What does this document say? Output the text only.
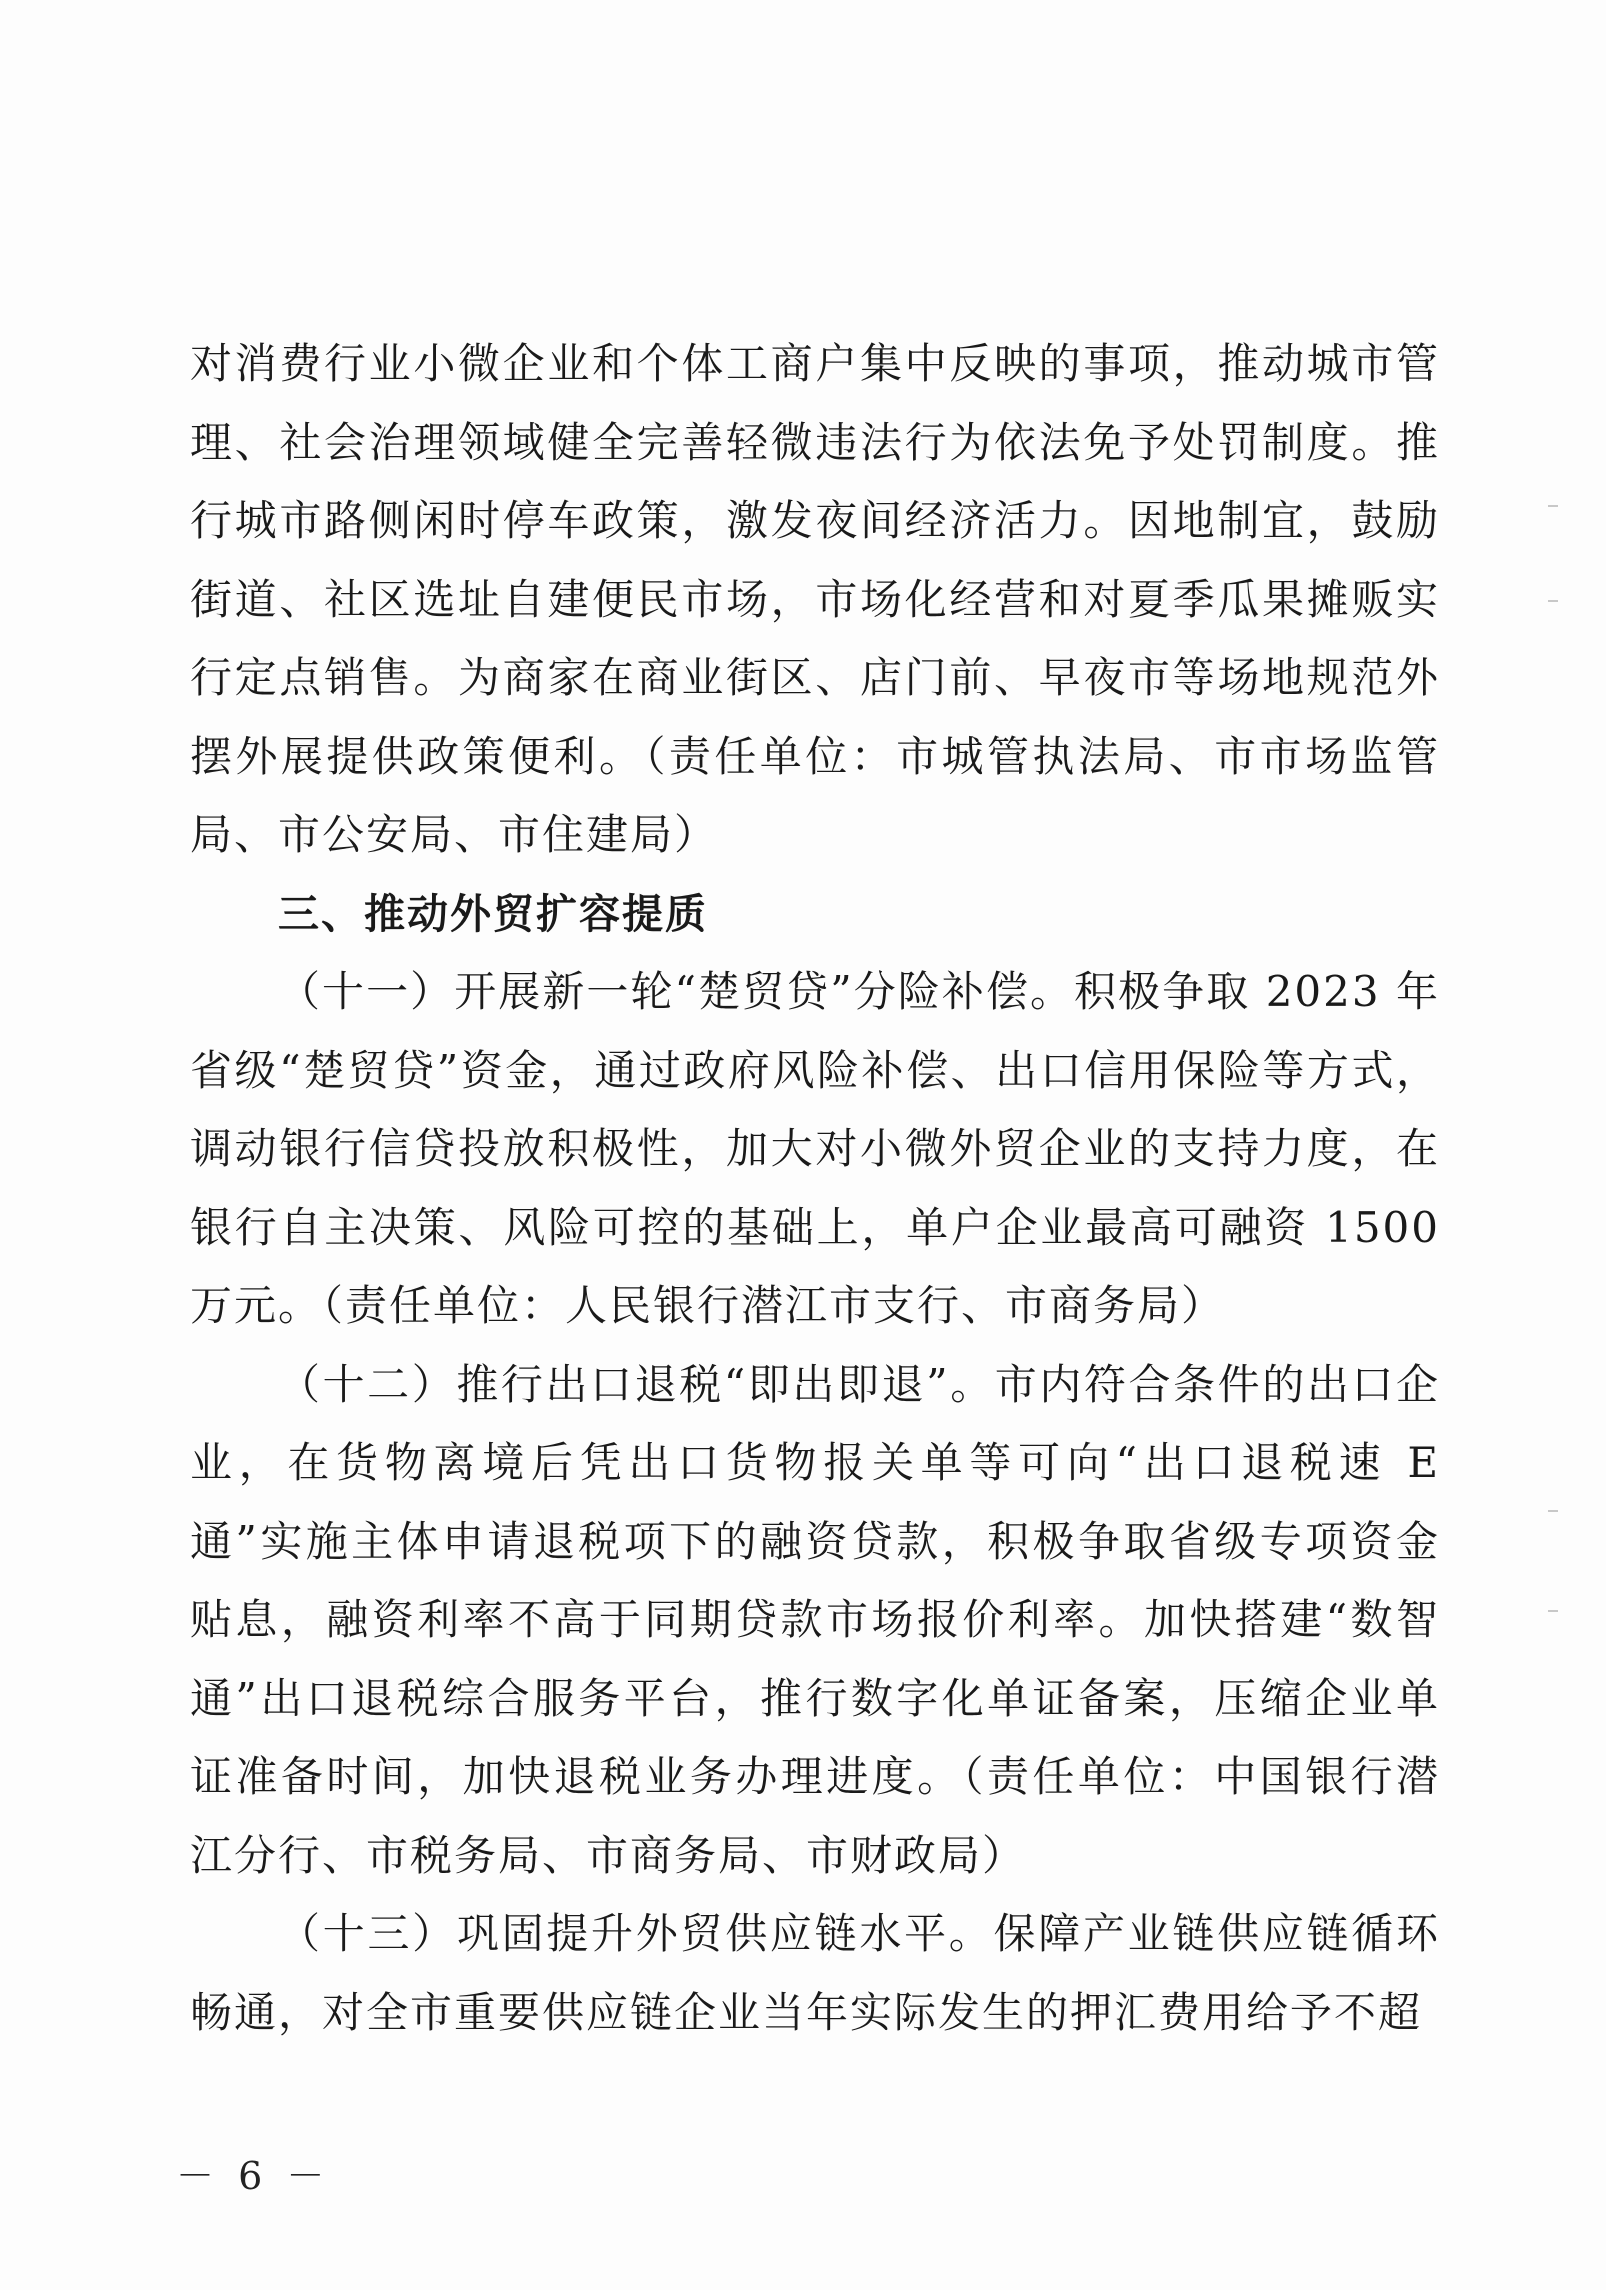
对消费行业小微企业和个体工商户集中反映的事项，推动城市管理、社会治理领域健全完善轻微违法行为依法免予处罚制度。推行城市路侧闲时停车政策，激发夜间经济活力。因地制宜，鼓励街道、社区选址自建便民市场，市场化经营和对夏季瓜果摊贩实行定点销售。为商家在商业街区、店门前、早夜市等场地规范外摆外展提供政策便利。（责任单位：市城管执法局、市市场监管局、市公安局、市住建局）

三、推动外贸扩容提质

（十一）开展新一轮“楚贸贷”分险补偿。积极争取 2023 年省级“楚贸贷”资金，通过政府风险补偿、出口信用保险等方式，调动银行信贷投放积极性，加大对小微外贸企业的支持力度，在银行自主决策、风险可控的基础上，单户企业最高可融资 1500 万元。（责任单位：人民银行潜江市支行、市商务局）

（十二）推行出口退税“即出即退”。市内符合条件的出口企业，在货物离境后凭出口货物报关单等可向“出口退税速 E 通”实施主体申请退税项下的融资贷款，积极争取省级专项资金贴息，融资利率不高于同期贷款市场报价利率。加快搭建“数智通”出口退税综合服务平台，推行数字化单证备案，压缩企业单证准备时间，加快退税业务办理进度。（责任单位：中国银行潜江分行、市税务局、市商务局、市财政局）

（十三）巩固提升外贸供应链水平。保障产业链供应链循环畅通，对全市重要供应链企业当年实际发生的押汇费用给予不超

－ 6 －
